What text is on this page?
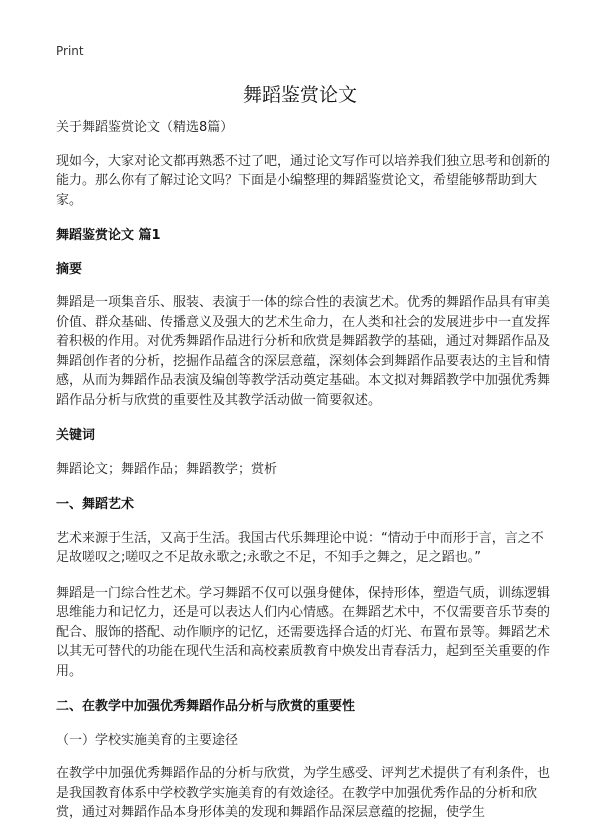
Print
舞蹈鉴赏论文

关于舞蹈鉴赏论文（精选8篇）

现如今，大家对论文都再熟悉不过了吧，通过论文写作可以培养我们独立思考和创新的能力。那么你有了解过论文吗？下面是小编整理的舞蹈鉴赏论文，希望能够帮助到大家。

舞蹈鉴赏论文 篇1
摘要

舞蹈是一项集音乐、服装、表演于一体的综合性的表演艺术。优秀的舞蹈作品具有审美价值、群众基础、传播意义及强大的艺术生命力，在人类和社会的发展进步中一直发挥着积极的作用。对优秀舞蹈作品进行分析和欣赏是舞蹈教学的基础，通过对舞蹈作品及舞蹈创作者的分析，挖掘作品蕴含的深层意蕴，深刻体会到舞蹈作品要表达的主旨和情感，从而为舞蹈作品表演及编创等教学活动奠定基础。本文拟对舞蹈教学中加强优秀舞蹈作品分析与欣赏的重要性及其教学活动做一简要叙述。

关键词

舞蹈论文；舞蹈作品；舞蹈教学；赏析

一、舞蹈艺术

艺术来源于生活，又高于生活。我国古代乐舞理论中说：“情动于中而形于言，言之不足故嗟叹之;嗟叹之不足故永歌之;永歌之不足，不知手之舞之，足之蹈也。”

舞蹈是一门综合性艺术。学习舞蹈不仅可以强身健体，保持形体，塑造气质，训练逻辑思维能力和记忆力，还是可以表达人们内心情感。在舞蹈艺术中，不仅需要音乐节奏的配合、服饰的搭配、动作顺序的记忆，还需要选择合适的灯光、布置布景等。舞蹈艺术以其无可替代的功能在现代生活和高校素质教育中焕发出青春活力，起到至关重要的作用。

二、在教学中加强优秀舞蹈作品分析与欣赏的重要性

（一）学校实施美育的主要途径

在教学中加强优秀舞蹈作品的分析与欣赏，为学生感受、评判艺术提供了有利条件，也是我国教育体系中学校教学实施美育的有效途径。在教学中加强优秀作品的分析和欣赏，通过对舞蹈作品本身形体美的发现和舞蹈作品深层意蕴的挖掘，使学生
